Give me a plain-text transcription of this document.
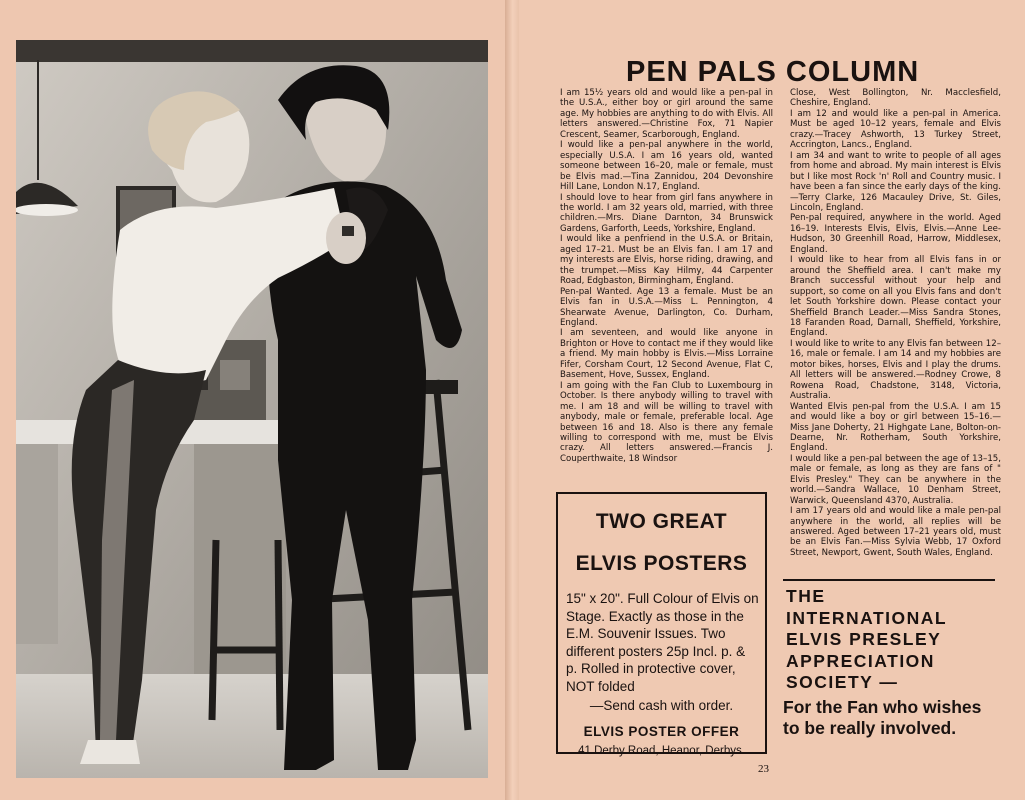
PEN PALS COLUMN

I am 15½ years old and would like a pen-pal in the U.S.A., either boy or girl around the same age. My hobbies are anything to do with Elvis. All letters answered.—Christine Fox, 71 Napier Crescent, Seamer, Scarborough, England.

I would like a pen-pal anywhere in the world, especially U.S.A. I am 16 years old, wanted someone between 16–20, male or female, must be Elvis mad.—Tina Zannidou, 204 Devonshire Hill Lane, London N.17, England.

I should love to hear from girl fans anywhere in the world. I am 32 years old, married, with three children.—Mrs. Diane Darnton, 34 Brunswick Gardens, Garforth, Leeds, Yorkshire, England.

I would like a penfriend in the U.S.A. or Britain, aged 17–21. Must be an Elvis fan. I am 17 and my interests are Elvis, horse riding, drawing, and the trumpet.—Miss Kay Hilmy, 44 Carpenter Road, Edgbaston, Birmingham, England.

Pen-pal Wanted. Age 13 a female. Must be an Elvis fan in U.S.A.—Miss L. Pennington, 4 Shearwate Avenue, Darlington, Co. Durham, England.

I am seventeen, and would like anyone in Brighton or Hove to contact me if they would like a friend. My main hobby is Elvis.—Miss Lorraine Fifer, Corsham Court, 12 Second Avenue, Flat C, Basement, Hove, Sussex, England.

I am going with the Fan Club to Luxembourg in October. Is there anybody willing to travel with me. I am 18 and will be willing to travel with anybody, male or female, preferable local. Age between 16 and 18. Also is there any female willing to correspond with me, must be Elvis crazy. All letters answered.—Francis J. Couperthwaite, 18 Windsor

Close, West Bollington, Nr. Macclesfield, Cheshire, England.

I am 12 and would like a pen-pal in America. Must be aged 10–12 years, female and Elvis crazy.—Tracey Ashworth, 13 Turkey Street, Accrington, Lancs., England.

I am 34 and want to write to people of all ages from home and abroad. My main interest is Elvis but I like most Rock 'n' Roll and Country music. I have been a fan since the early days of the king.—Terry Clarke, 126 Macauley Drive, St. Giles, Lincoln, England.

Pen-pal required, anywhere in the world. Aged 16–19. Interests Elvis, Elvis, Elvis.—Anne Lee-Hudson, 30 Greenhill Road, Harrow, Middlesex, England.

I would like to hear from all Elvis fans in or around the Sheffield area. I can't make my Branch successful without your help and support, so come on all you Elvis fans and don't let South Yorkshire down. Please contact your Sheffield Branch Leader.—Miss Sandra Stones, 18 Faranden Road, Darnall, Sheffield, Yorkshire, England.

I would like to write to any Elvis fan between 12–16, male or female. I am 14 and my hobbies are motor bikes, horses, Elvis and I play the drums. All letters will be answered.—Rodney Crowe, 8 Rowena Road, Chadstone, 3148, Victoria, Australia.

Wanted Elvis pen-pal from the U.S.A. I am 15 and would like a boy or girl between 15–16.—Miss Jane Doherty, 21 Highgate Lane, Bolton-on-Dearne, Nr. Rotherham, South Yorkshire, England.

I would like a pen-pal between the age of 13–15, male or female, as long as they are fans of " Elvis Presley." They can be anywhere in the world.—Sandra Wallace, 10 Denham Street, Warwick, Queensland 4370, Australia.

I am 17 years old and would like a male pen-pal anywhere in the world, all replies will be answered. Aged between 17–21 years old, must be an Elvis Fan.—Miss Sylvia Webb, 17 Oxford Street, Newport, Gwent, South Wales, England.

TWO GREAT
ELVIS POSTERS
15" x 20". Full Colour of Elvis on Stage. Exactly as those in the E.M. Souvenir Issues. Two different posters 25p Incl. p. & p. Rolled in protective cover, NOT folded
—Send cash with order.
ELVIS POSTER OFFER
41 Derby Road, Heanor, Derbys.
THE
INTERNATIONAL
ELVIS PRESLEY
APPRECIATION
SOCIETY —
For the Fan who wishes to be really involved.
23
